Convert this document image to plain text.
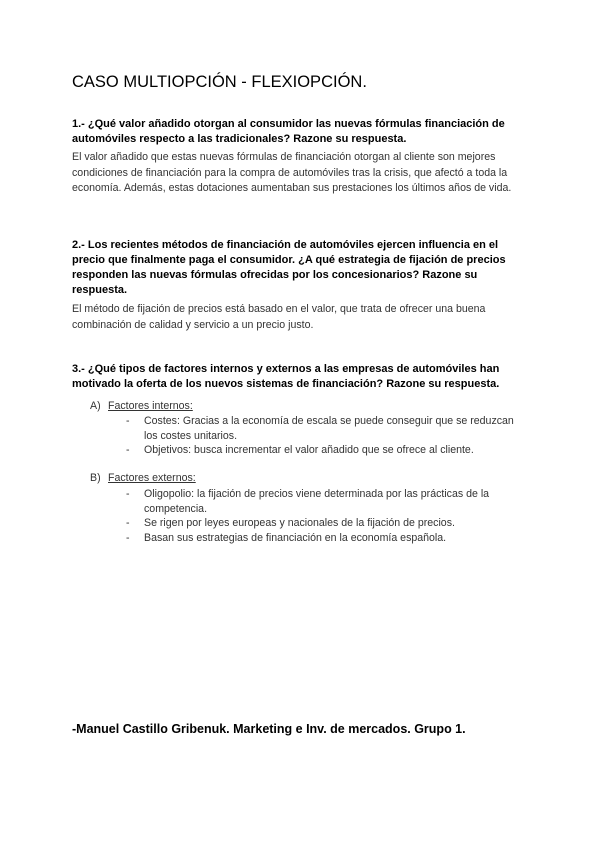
CASO MULTIOPCIÓN - FLEXIOPCIÓN.

1.- ¿Qué valor añadido otorgan al consumidor las nuevas fórmulas financiación de automóviles respecto a las tradicionales? Razone su respuesta.

El valor añadido que estas nuevas fórmulas de financiación otorgan al cliente son mejores condiciones de financiación para la compra de automóviles tras la crisis, que afectó a toda la economía. Además, estas dotaciones aumentaban sus prestaciones los últimos años de vida.

2.- Los recientes métodos de financiación de automóviles ejercen influencia en el precio que finalmente paga el consumidor. ¿A qué estrategia de fijación de precios responden las nuevas fórmulas ofrecidas por los concesionarios? Razone su respuesta.

El método de fijación de precios está basado en el valor, que trata de ofrecer una buena combinación de calidad y servicio a un precio justo.

3.- ¿Qué tipos de factores internos y externos a las empresas de automóviles han motivado la oferta de los nuevos sistemas de financiación? Razone su respuesta.

A) Factores internos:
-	Costes: Gracias a la economía de escala se puede conseguir que se reduzcan los costes unitarios.
-	Objetivos: busca incrementar el valor añadido que se ofrece al cliente.
B) Factores externos:
-	Oligopolio: la fijación de precios viene determinada por las prácticas de la competencia.
-	Se rigen por leyes europeas y nacionales de la fijación de precios.
-	Basan sus estrategias de financiación en la economía española.

-Manuel Castillo Gribenuk. Marketing e Inv. de mercados. Grupo 1.
